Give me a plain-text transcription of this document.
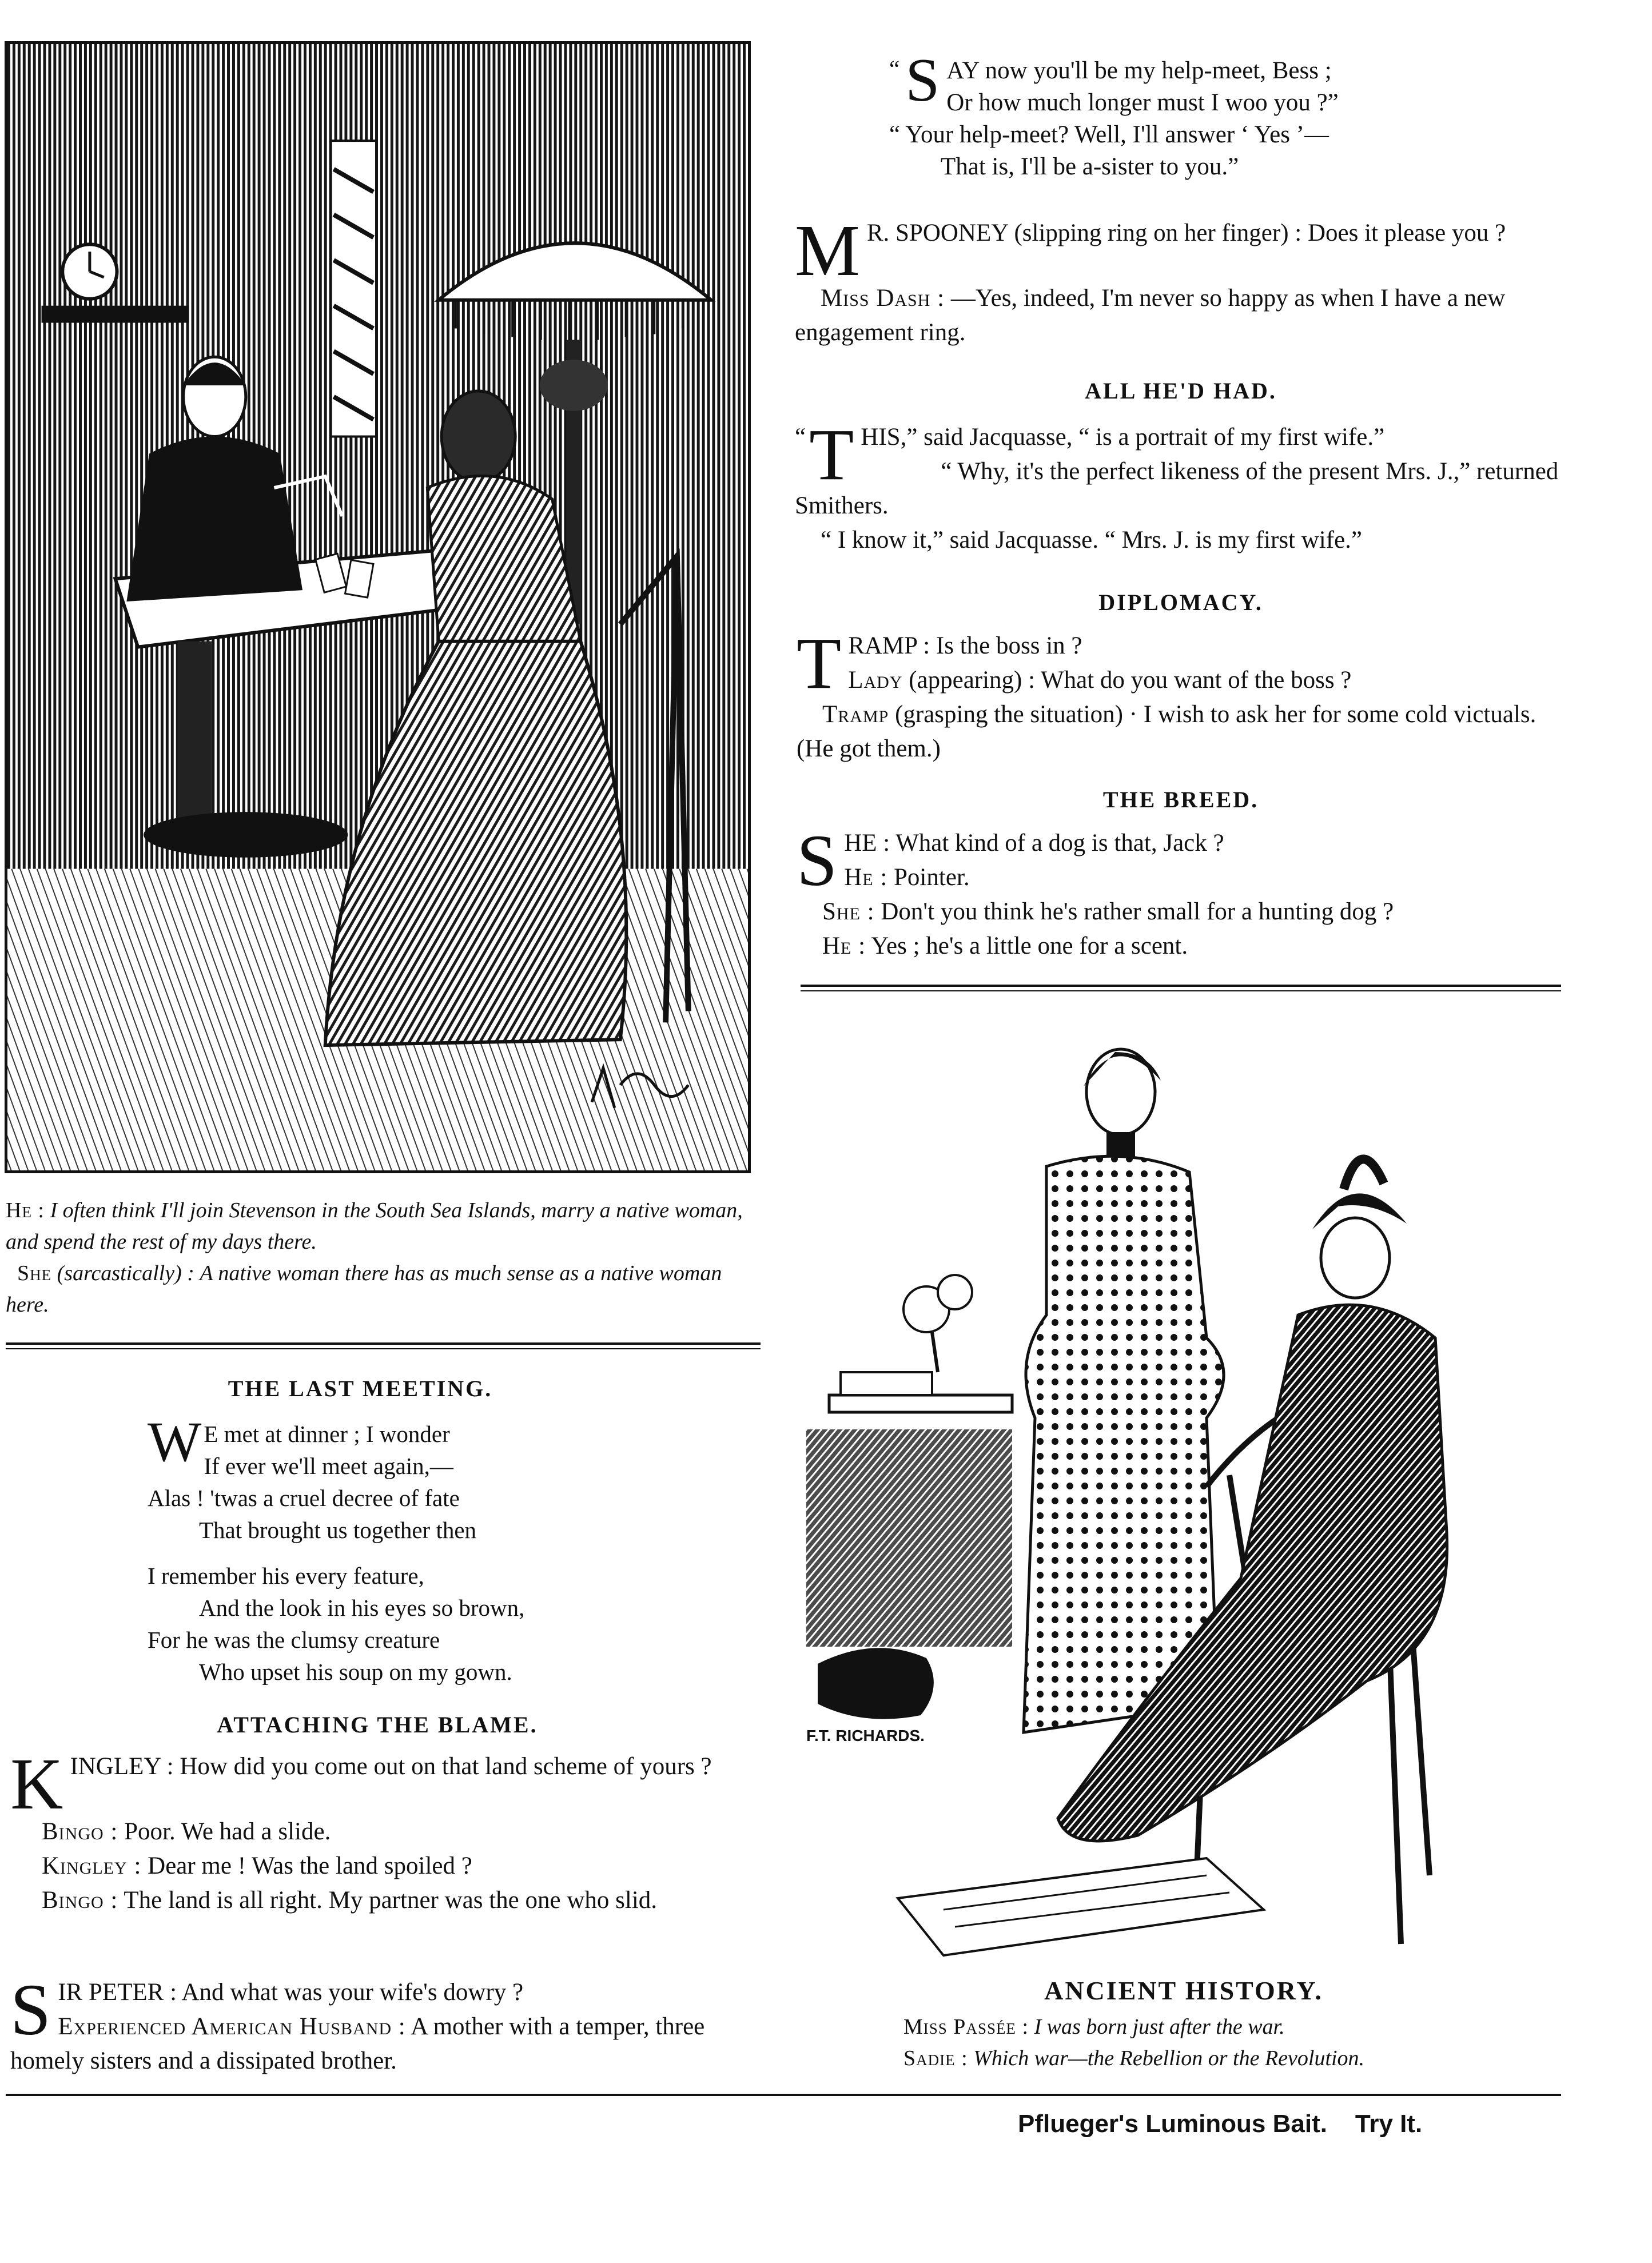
He : I often think I'll join Stevenson in the South Sea Islands, marry a native woman, and spend the rest of my days there.
She (sarcastically) : A native woman there has as much sense as a native woman here.
THE LAST MEETING.
W E met at dinner ; I wonder

If ever we'll meet again,—

Alas ! 'twas a cruel decree of fate

That brought us together then

I remember his every feature,

And the look in his eyes so brown,

For he was the clumsy creature

Who upset his soup on my gown.

ATTACHING THE BLAME.

K INGLEY : How did you come out on that land scheme of yours ?

Bingo : Poor. We had a slide.

Kingley : Dear me ! Was the land spoiled ?

Bingo : The land is all right. My partner was the one who slid.

S IR PETER : And what was your wife's dowry ?

Experienced American Husband : A mother with a temper, three homely sisters and a dissipated brother.

“ S AY now you'll be my help-meet, Bess ;

Or how much longer must I woo you ?”

“ Your help-meet? Well, I'll answer ‘ Yes ’—

That is, I'll be a-sister to you.”

M R. SPOONEY (slipping ring on her finger) : Does it please you ?

Miss Dash : —Yes, indeed, I'm never so happy as when I have a new engagement ring.

ALL HE'D HAD.

“ T HIS,” said Jacquasse, “ is a portrait of my first wife.”

“ Why, it's the perfect likeness of the present Mrs. J.,” returned Smithers.

“ I know it,” said Jacquasse. “ Mrs. J. is my first wife.”

DIPLOMACY.

T RAMP : Is the boss in ?

Lady (appearing) : What do you want of the boss ?

Tramp (grasping the situation) · I wish to ask her for some cold victuals. (He got them.)

THE BREED.

S HE : What kind of a dog is that, Jack ?

He : Pointer.

She : Don't you think he's rather small for a hunting dog ?

He : Yes ; he's a little one for a scent.

F.T. RICHARDS.
ANCIENT HISTORY.
Miss Passée : I was born just after the war.
Sadie : Which war—the Rebellion or the Revolution.
Pflueger's Luminous Bait.    Try It.
